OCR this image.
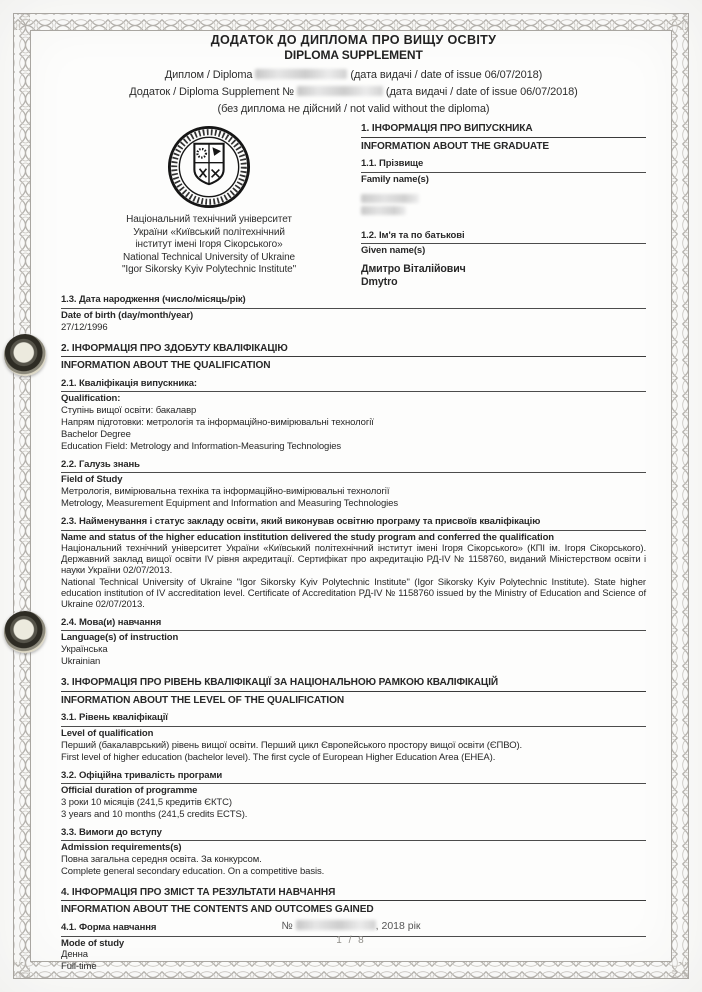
ДОДАТОК ДО ДИПЛОМА ПРО ВИЩУ ОСВІТУ
DIPLOMA SUPPLEMENT
Диплом / Diploma	(дата видачі / date of issue 06/07/2018)
Додаток / Diploma Supplement №	(дата видачі / date of issue 06/07/2018)
(без диплома не дійсний / not valid without the diploma)
Національний технічний університет
України «Київський політехнічний
інститут імені Ігоря Сікорського»
National Technical University of Ukraine
"Igor Sikorsky Kyiv Polytechnic Institute"
1. ІНФОРМАЦІЯ ПРО ВИПУСКНИКА
INFORMATION ABOUT THE GRADUATE
1.1. Прізвище
Family name(s)
1.2. Ім'я та по батькові
Given name(s)
Дмитро Віталійович
Dmytro
1.3. Дата народження (число/місяць/рік)
Date of birth (day/month/year)
27/12/1996
2. ІНФОРМАЦІЯ ПРО ЗДОБУТУ КВАЛІФІКАЦІЮ
INFORMATION ABOUT THE QUALIFICATION
2.1. Кваліфікація випускника:
Qualification:
Ступінь вищої освіти: бакалавр
Напрям підготовки: метрологія та інформаційно-вимірювальні технології
Bachelor Degree
Education Field: Metrology and Information-Measuring Technologies
2.2. Галузь знань
Field of Study
Метрологія, вимірювальна техніка та інформаційно-вимірювальні технології
Metrology, Measurement Equipment and Information and Measuring Technologies
2.3. Найменування і статус закладу освіти, який виконував освітню програму та присвоїв кваліфікацію
Name and status of the higher education institution delivered the study program and conferred the qualification
Національний технічний університет України «Київський політехнічний інститут імені Ігоря Сікорського» (КПІ ім. Ігоря Сікорського). Державний заклад вищої освіти IV рівня акредитації. Сертифікат про акредитацію РД-IV № 1158760, виданий Міністерством освіти і науки України 02/07/2013.
National Technical University of Ukraine "Igor Sikorsky Kyiv Polytechnic Institute" (Igor Sikorsky Kyiv Polytechnic Institute). State higher education institution of IV accreditation level. Certificate of Accreditation РД-IV № 1158760 issued by the Ministry of Education and Science of Ukraine 02/07/2013.
2.4. Мова(и) навчання
Language(s) of instruction
Українська
Ukrainian
3. ІНФОРМАЦІЯ ПРО РІВЕНЬ КВАЛІФІКАЦІЇ ЗА НАЦІОНАЛЬНОЮ РАМКОЮ КВАЛІФІКАЦІЙ
INFORMATION ABOUT THE LEVEL OF THE QUALIFICATION
3.1. Рівень кваліфікації
Level of qualification
Перший (бакалаврський) рівень вищої освіти. Перший цикл Європейського простору вищої освіти (ЄПВО).
First level of higher education (bachelor level). The first cycle of European Higher Education Area (EHEA).
3.2. Офіційна тривалість програми
Official duration of programme
3 роки 10 місяців (241,5 кредитів ЄКТС)
3 years and 10 months (241,5 credits ECTS).
3.3. Вимоги до вступу
Admission requirements(s)
Повна загальна середня освіта. За конкурсом.
Complete general secondary education. On a competitive basis.
4. ІНФОРМАЦІЯ ПРО ЗМІСТ ТА РЕЗУЛЬТАТИ НАВЧАННЯ
INFORMATION ABOUT THE CONTENTS AND OUTCOMES GAINED
4.1. Форма навчання
Mode of study
Денна
Full-time
№	, 2018 рік
1 / 8
